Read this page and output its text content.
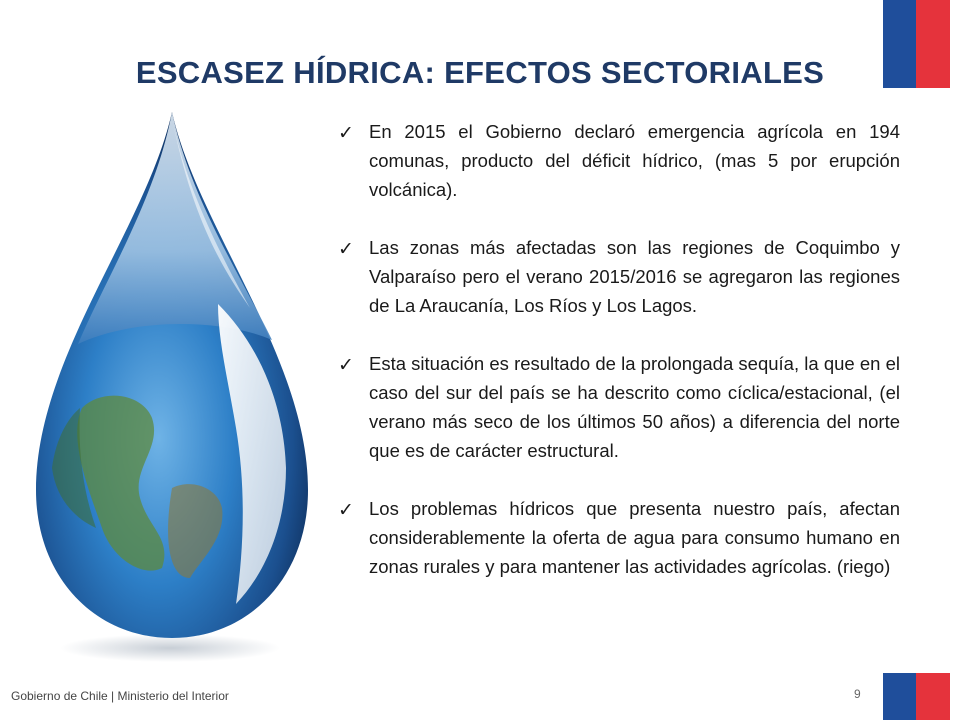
ESCASEZ HÍDRICA: EFECTOS SECTORIALES
✓ En 2015 el Gobierno declaró emergencia agrícola en 194 comunas, producto del déficit hídrico, (mas 5 por erupción volcánica).
✓ Las zonas más afectadas son las regiones de Coquimbo y Valparaíso pero el verano 2015/2016 se agregaron las regiones de La Araucanía, Los Ríos y Los Lagos.
✓ Esta situación es resultado de la prolongada sequía, la que en el caso del sur del país se ha descrito como cíclica/estacional, (el verano más seco de los últimos 50 años) a diferencia del norte que es de carácter estructural.
✓ Los problemas hídricos que presenta nuestro país, afectan considerablemente la oferta de agua para consumo humano en zonas rurales y para mantener las actividades agrícolas. (riego)
Gobierno de Chile | Ministerio del Interior	9
